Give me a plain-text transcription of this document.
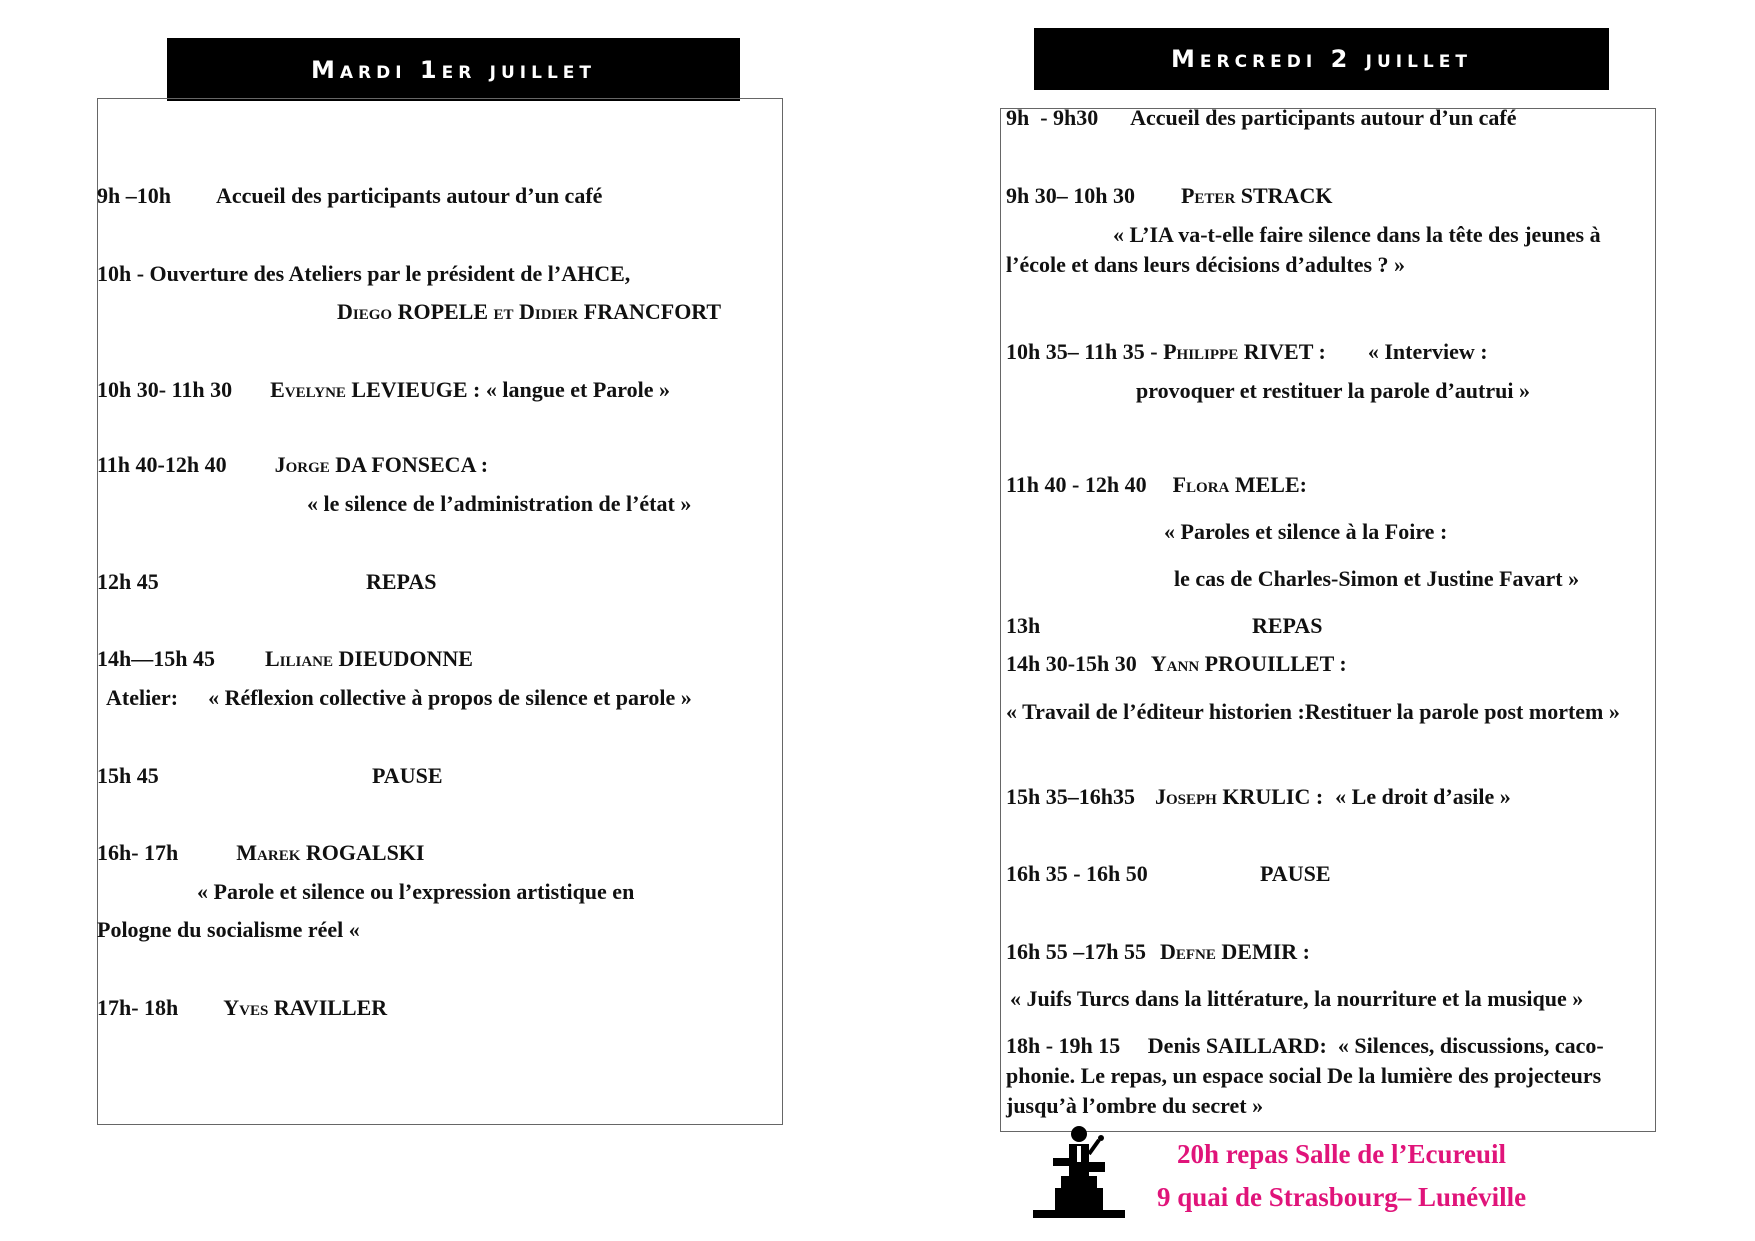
Mardi 1er juillet
9h –10h Accueil des participants autour d’un café
10h - Ouverture des Ateliers par le président de l’AHCE,
Diego ROPELE et Didier FRANCFORT
10h 30- 11h 30 Evelyne LEVIEUGE : « langue et Parole »
11h 40-12h 40 Jorge DA FONSECA :
« le silence de l’administration de l’état »
12h 45	REPAS
14h—15h 45 Liliane DIEUDONNE
Atelier: « Réflexion collective à propos de silence et parole »
15h 45	PAUSE
16h- 17h	Marek ROGALSKI
« Parole et silence ou l’expression artistique en
Pologne du socialisme réel «
17h- 18h Yves RAVILLER
Mercredi 2 juillet
9h  - 9h30      Accueil des participants autour d’un café
9h 30– 10h 30 Peter STRACK
« L’IA va-t-elle faire silence dans la tête des jeunes à
l’école et dans leurs décisions d’adultes ? »
10h 35– 11h 35 - Philippe RIVET : « Interview :
provoquer et restituer la parole d’autrui »
11h 40 - 12h 40 Flora MELE:
« Paroles et silence à la Foire :
le cas de Charles-Simon et Justine Favart »
13h	REPAS
14h 30-15h 30 Yann PROUILLET :
« Travail de l’éditeur historien :Restituer la parole post mortem »
15h 35–16h35 Joseph KRULIC : « Le droit d’asile »
16h 35 - 16h 50	PAUSE
16h 55 –17h 55 Defne DEMIR :
« Juifs Turcs dans la littérature, la nourriture et la musique »
18h - 19h 15     Denis SAILLARD:  « Silences, discussions, caco-
phonie. Le repas, un espace social De la lumière des projecteurs
jusqu’à l’ombre du secret »
20h repas Salle de l’Ecureuil
9 quai de Strasbourg– Lunéville
